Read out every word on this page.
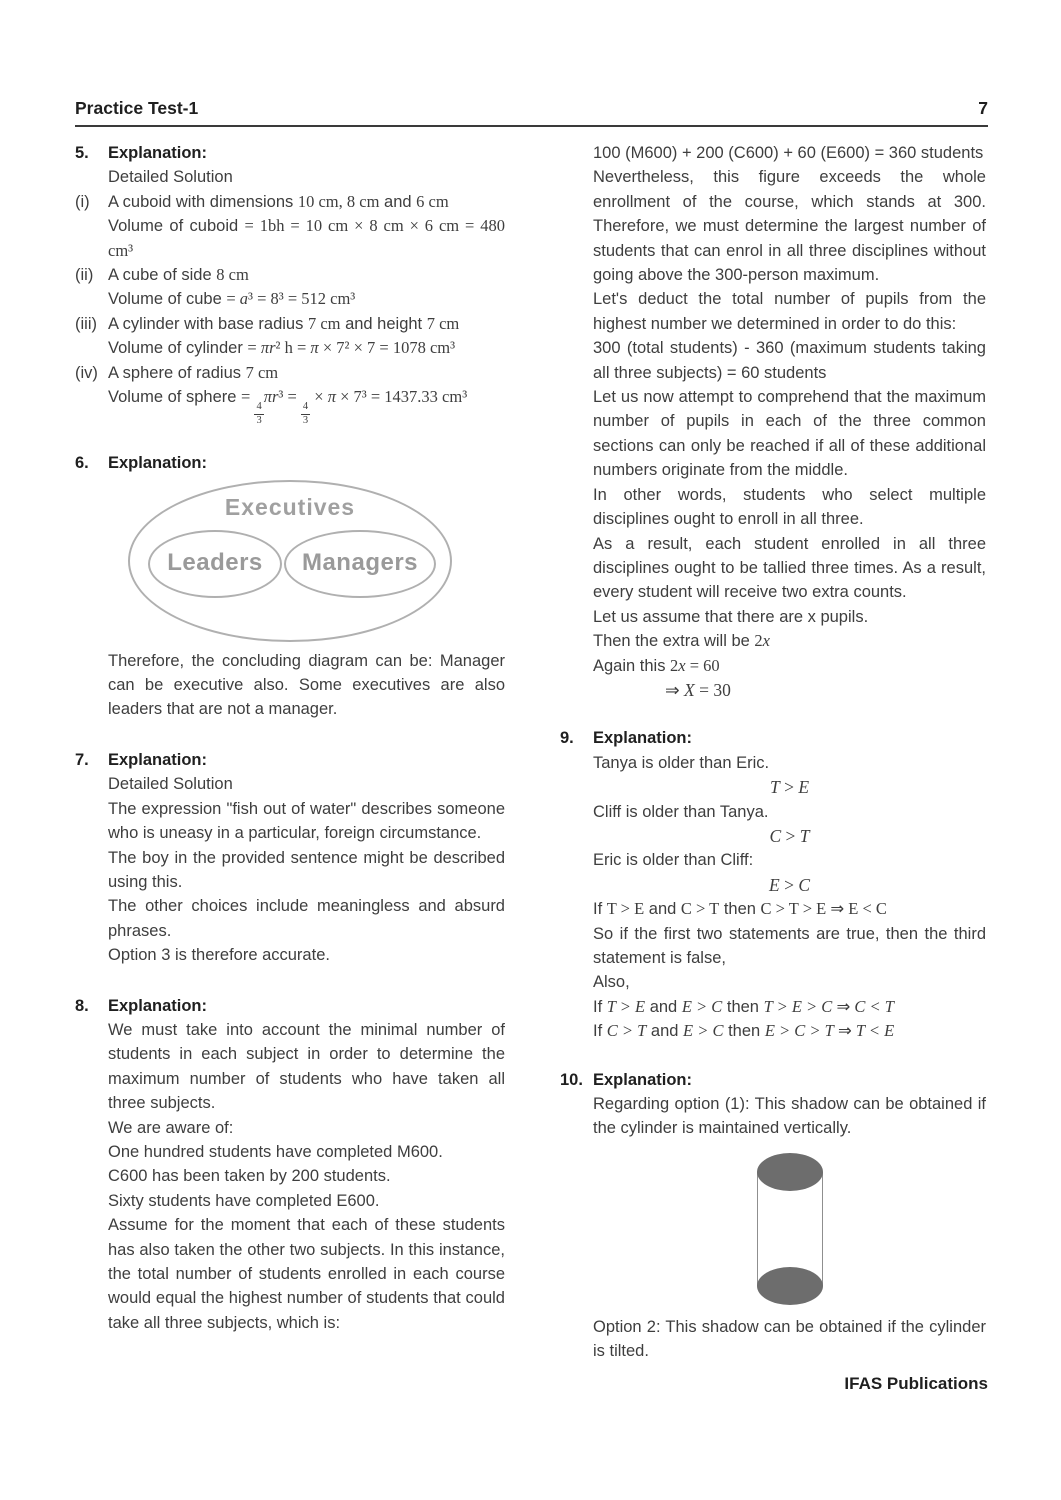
Practice Test-1	7
5.	Explanation:
Detailed Solution
(i)	A cuboid with dimensions 10 cm, 8 cm and 6 cm

Volume of cuboid = 1bh = 10 cm × 8 cm × 6 cm = 480 cm³

(ii) A cube of side 8 cm

Volume of cube = a³ = 8³ = 512 cm³

(iii) A cylinder with base radius 7 cm and height 7 cm

Volume of cylinder = πr² h = π × 7² × 7 = 1078 cm³

(iv) A sphere of radius 7 cm

Volume of sphere =
$\frac{4}{3}$
πr³ =
$\frac{4}{3}$
× π × 7³ = 1437.33 cm³

6.	Explanation:
Executives
Leaders Managers

Therefore, the concluding diagram can be: Manager can be executive also. Some executives are also leaders that are not a manager.

7.	Explanation:

Detailed Solution

The expression "fish out of water" describes someone who is uneasy in a particular, foreign circumstance.

The boy in the provided sentence might be described using this.

The other choices include meaningless and absurd phrases.

Option 3 is therefore accurate.

8.	Explanation:

We must take into account the minimal number of students in each subject in order to determine the maximum number of students who have taken all three subjects.

We are aware of:

One hundred students have completed M600.

C600 has been taken by 200 students.

Sixty students have completed E600.

Assume for the moment that each of these students has also taken the other two subjects. In this instance, the total number of students enrolled in each course would equal the highest number of students that could take all three subjects, which is:

100 (M600) + 200 (C600) + 60 (E600) = 360 students

Nevertheless, this figure exceeds the whole enrollment of the course, which stands at 300. Therefore, we must determine the largest number of students that can enrol in all three disciplines without going above the 300-person maximum.

Let's deduct the total number of pupils from the highest number we determined in order to do this:

300 (total students) - 360 (maximum students taking all three subjects) = 60 students

Let us now attempt to comprehend that the maximum number of pupils in each of the three common sections can only be reached if all of these additional numbers originate from the middle.

In other words, students who select multiple disciplines ought to enroll in all three.

As a result, each student enrolled in all three disciplines ought to be tallied three times. As a result, every student will receive two extra counts.

Let us assume that there are x pupils.

Then the extra will be 2x

Again this 2x = 60

⇒ X = 30

9.	Explanation:

Tanya is older than Eric.

T > E

Cliff is older than Tanya.

C > T

Eric is older than Cliff:

E > C

If T > E and C > T then C > T > E ⇒ E < C

So if the first two statements are true, then the third statement is false,

Also,

If T > E and E > C then T > E > C ⇒ C < T

If C > T and E > C then E > C > T ⇒ T < E

10. Explanation:

Regarding option (1): This shadow can be obtained if the cylinder is maintained vertically.

Option 2: This shadow can be obtained if the cylinder is tilted.

IFAS Publications
